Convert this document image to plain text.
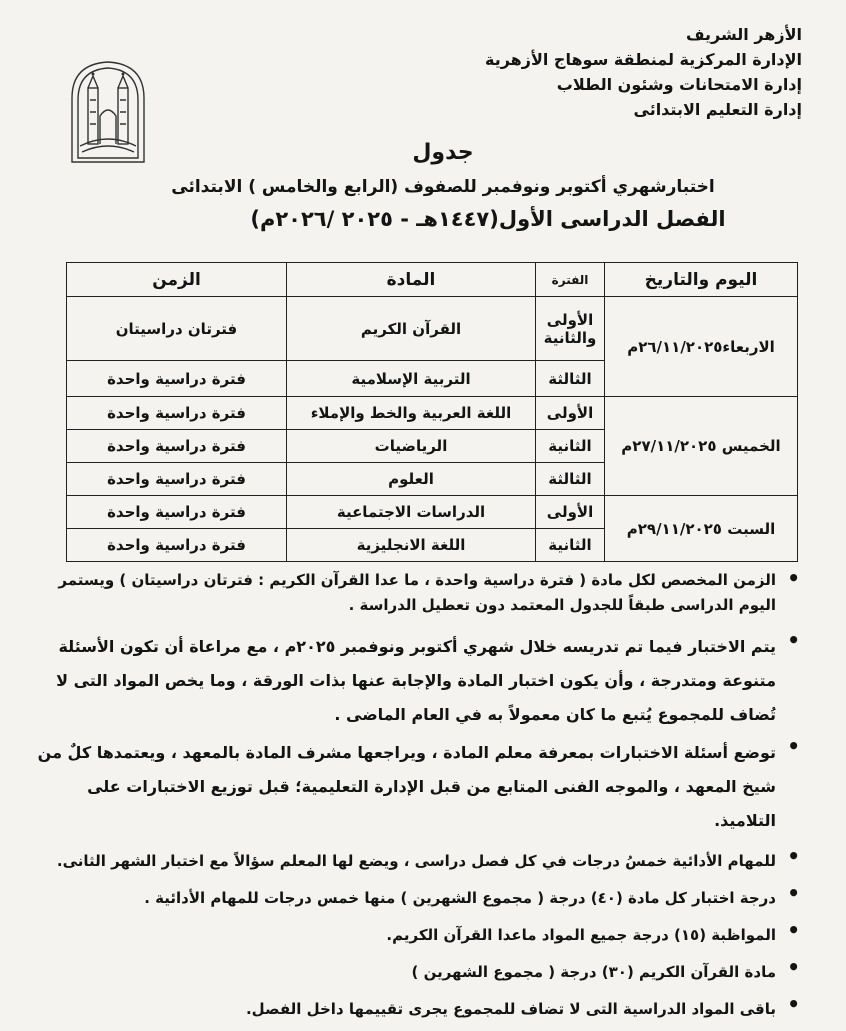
الأزهر الشريف
الإدارة المركزية لمنطقة سوهاج الأزهرية
إدارة الامتحانات وشئون الطلاب
إدارة التعليم الابتدائى
جدول
اختبارشهري أكتوبر ونوفمبر للصفوف (الرابع والخامس ) الابتدائى
الفصل الدراسى الأول(١٤٤٧هـ - ٢٠٢٥ /٢٠٢٦م)
اليوم والتاريخ	الفترة	المادة	الزمن
الاربعاء٢٦/١١/٢٠٢٥م	الأولى والثانية	القرآن الكريم	فترتان دراسيتان
	الثالثة	التربية الإسلامية	فترة دراسية واحدة
الخميس ٢٧/١١/٢٠٢٥م	الأولى	اللغة العربية والخط والإملاء	فترة دراسية واحدة
	الثانية	الرياضيات	فترة دراسية واحدة
	الثالثة	العلوم	فترة دراسية واحدة
السبت ٢٩/١١/٢٠٢٥م	الأولى	الدراسات الاجتماعية	فترة دراسية واحدة
	الثانية	اللغة الانجليزية	فترة دراسية واحدة
•
الزمن المخصص لكل مادة ( فترة دراسية واحدة ، ما عدا القرآن الكريم : فترتان دراسيتان ) ويستمر اليوم الدراسى طبقاً للجدول المعتمد دون تعطيل الدراسة .
•
يتم الاختبار فيما تم تدريسه خلال شهري أكتوبر ونوفمبر ٢٠٢٥م ، مع مراعاة أن تكون الأسئلة متنوعة ومتدرجة ، وأن يكون اختبار المادة والإجابة عنها بذات الورقة ، وما يخص المواد التى لا تُضاف للمجموع يُتبع ما كان معمولاً به في العام الماضى .
•
توضع أسئلة الاختبارات بمعرفة معلم المادة ، ويراجعها مشرف المادة بالمعهد ، ويعتمدها كلٌ من شيخ المعهد ، والموجه الفنى المتابع من قبل الإدارة التعليمية؛ قبل توزيع الاختبارات على التلاميذ.
•
للمهام الأدائية خمسُ درجات في كل فصل دراسى ، ويضع لها المعلم سؤالاً مع اختبار الشهر الثانى.
•
درجة اختبار كل مادة (٤٠) درجة ( مجموع الشهرين ) منها خمس درجات للمهام الأدائية .
•
المواظبة (١٥) درجة جميع المواد ماعدا القرآن الكريم.
•
مادة القرآن الكريم (٣٠) درجة ( مجموع الشهرين )
•
باقى المواد الدراسية التى لا تضاف للمجموع يجرى تقييمها داخل الفصل.
